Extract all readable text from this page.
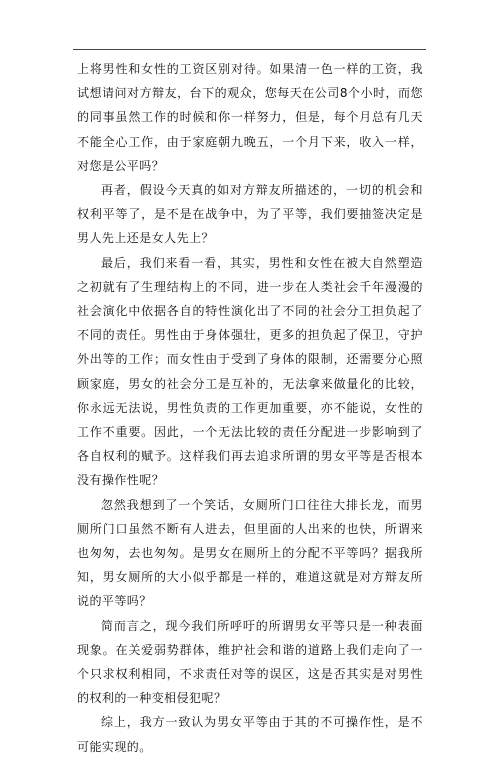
上将男性和女性的工资区别对待。如果清一色一样的工资，我试想请问对方辩友，台下的观众，您每天在公司8个小时，而您的同事虽然工作的时候和你一样努力，但是，每个月总有几天不能全心工作，由于家庭朝九晚五，一个月下来，收入一样，对您是公平吗？

再者，假设今天真的如对方辩友所描述的，一切的机会和权利平等了，是不是在战争中，为了平等，我们要抽签决定是男人先上还是女人先上？

最后，我们来看一看，其实，男性和女性在被大自然塑造之初就有了生理结构上的不同，进一步在人类社会千年漫漫的社会演化中依据各自的特性演化出了不同的社会分工担负起了不同的责任。男性由于身体强壮，更多的担负起了保卫，守护外出等的工作；而女性由于受到了身体的限制，还需要分心照顾家庭，男女的社会分工是互补的，无法拿来做量化的比较，你永远无法说，男性负责的工作更加重要，亦不能说，女性的工作不重要。因此，一个无法比较的责任分配进一步影响到了各自权利的赋予。这样我们再去追求所谓的男女平等是否根本没有操作性呢？

忽然我想到了一个笑话，女厕所门口往往大排长龙，而男厕所门口虽然不断有人进去，但里面的人出来的也快，所谓来也匆匆，去也匆匆。是男女在厕所上的分配不平等吗？据我所知，男女厕所的大小似乎都是一样的，难道这就是对方辩友所说的平等吗？

简而言之，现今我们所呼吁的所谓男女平等只是一种表面现象。在关爱弱势群体，维护社会和谐的道路上我们走向了一个只求权利相同，不求责任对等的误区，这是否其实是对男性的权利的一种变相侵犯呢？

综上，我方一致认为男女平等由于其的不可操作性，是不可能实现的。
